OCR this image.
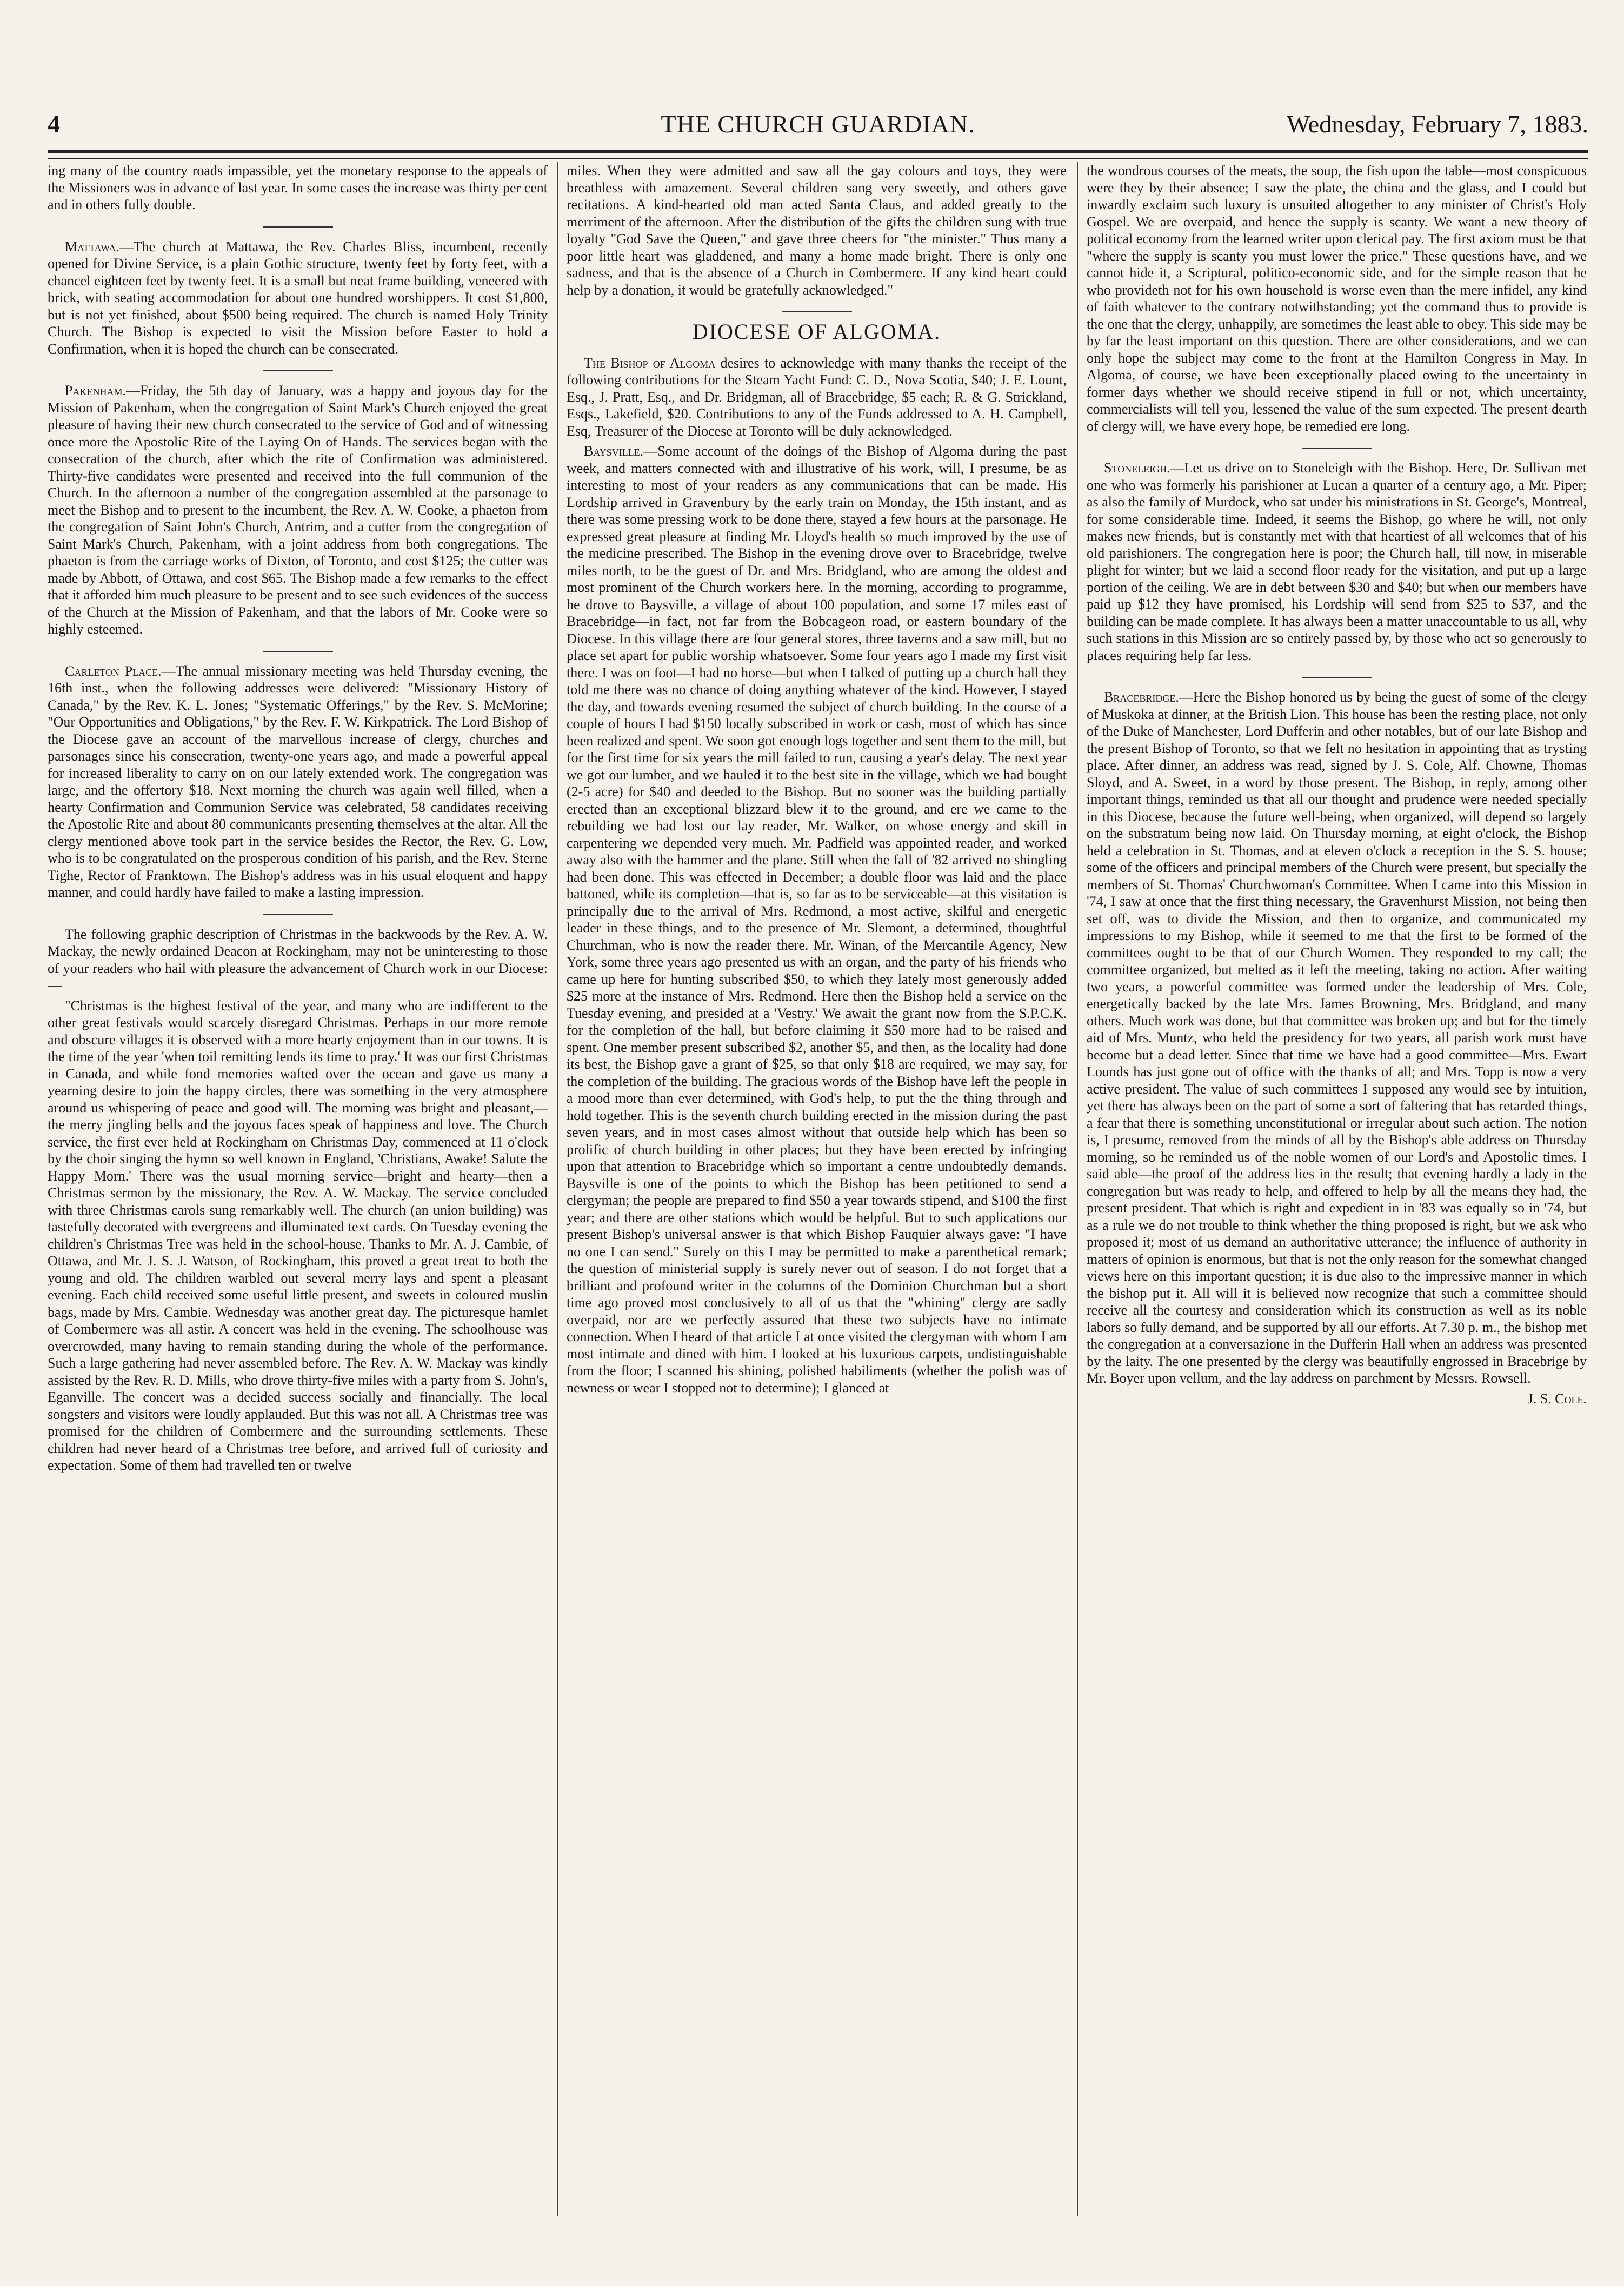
4	THE CHURCH GUARDIAN.	Wednesday, February 7, 1883.

ing many of the country roads impassible, yet the monetary response to the appeals of the Missioners was in advance of last year. In some cases the increase was thirty per cent and in others fully double.

Mattawa.—The church at Mattawa, the Rev. Charles Bliss, incumbent, recently opened for Divine Service, is a plain Gothic structure, twenty feet by forty feet, with a chancel eighteen feet by twenty feet. It is a small but neat frame building, veneered with brick, with seating accommodation for about one hundred worshippers. It cost $1,800, but is not yet finished, about $500 being required. The church is named Holy Trinity Church. The Bishop is expected to visit the Mission before Easter to hold a Confirmation, when it is hoped the church can be consecrated.

Pakenham.—Friday, the 5th day of January, was a happy and joyous day for the Mission of Pakenham, when the congregation of Saint Mark's Church enjoyed the great pleasure of having their new church consecrated to the service of God and of witnessing once more the Apostolic Rite of the Laying On of Hands. The services began with the consecration of the church, after which the rite of Confirmation was administered. Thirty-five candidates were presented and received into the full communion of the Church. In the afternoon a number of the congregation assembled at the parsonage to meet the Bishop and to present to the incumbent, the Rev. A. W. Cooke, a phaeton from the congregation of Saint John's Church, Antrim, and a cutter from the congregation of Saint Mark's Church, Pakenham, with a joint address from both congregations. The phaeton is from the carriage works of Dixton, of Toronto, and cost $125; the cutter was made by Abbott, of Ottawa, and cost $65. The Bishop made a few remarks to the effect that it afforded him much pleasure to be present and to see such evidences of the success of the Church at the Mission of Pakenham, and that the labors of Mr. Cooke were so highly esteemed.

Carleton Place.—The annual missionary meeting was held Thursday evening, the 16th inst., when the following addresses were delivered: "Missionary History of Canada," by the Rev. K. L. Jones; "Systematic Offerings," by the Rev. S. McMorine; "Our Opportunities and Obligations," by the Rev. F. W. Kirkpatrick. The Lord Bishop of the Diocese gave an account of the marvellous increase of clergy, churches and parsonages since his consecration, twenty-one years ago, and made a powerful appeal for increased liberality to carry on on our lately extended work. The congregation was large, and the offertory $18. Next morning the church was again well filled, when a hearty Confirmation and Communion Service was celebrated, 58 candidates receiving the Apostolic Rite and about 80 communicants presenting themselves at the altar. All the clergy mentioned above took part in the service besides the Rector, the Rev. G. Low, who is to be congratulated on the prosperous condition of his parish, and the Rev. Sterne Tighe, Rector of Franktown. The Bishop's address was in his usual eloquent and happy manner, and could hardly have failed to make a lasting impression.

The following graphic description of Christmas in the backwoods by the Rev. A. W. Mackay, the newly ordained Deacon at Rockingham, may not be uninteresting to those of your readers who hail with pleasure the advancement of Church work in our Diocese: —

"Christmas is the highest festival of the year, and many who are indifferent to the other great festivals would scarcely disregard Christmas. Perhaps in our more remote and obscure villages it is observed with a more hearty enjoyment than in our towns. It is the time of the year 'when toil remitting lends its time to pray.' It was our first Christmas in Canada, and while fond memories wafted over the ocean and gave us many a yearning desire to join the happy circles, there was something in the very atmosphere around us whispering of peace and good will. The morning was bright and pleasant,—the merry jingling bells and the joyous faces speak of happiness and love. The Church service, the first ever held at Rockingham on Christmas Day, commenced at 11 o'clock by the choir singing the hymn so well known in England, 'Christians, Awake! Salute the Happy Morn.' There was the usual morning service—bright and hearty—then a Christmas sermon by the missionary, the Rev. A. W. Mackay. The service concluded with three Christmas carols sung remarkably well. The church (an union building) was tastefully decorated with evergreens and illuminated text cards. On Tuesday evening the children's Christmas Tree was held in the school-house. Thanks to Mr. A. J. Cambie, of Ottawa, and Mr. J. S. J. Watson, of Rockingham, this proved a great treat to both the young and old. The children warbled out several merry lays and spent a pleasant evening. Each child received some useful little present, and sweets in coloured muslin bags, made by Mrs. Cambie. Wednesday was another great day. The picturesque hamlet of Combermere was all astir. A concert was held in the evening. The schoolhouse was overcrowded, many having to remain standing during the whole of the performance. Such a large gathering had never assembled before. The Rev. A. W. Mackay was kindly assisted by the Rev. R. D. Mills, who drove thirty-five miles with a party from S. John's, Eganville. The concert was a decided success socially and financially. The local songsters and visitors were loudly applauded. But this was not all. A Christmas tree was promised for the children of Combermere and the surrounding settlements. These children had never heard of a Christmas tree before, and arrived full of curiosity and expectation. Some of them had travelled ten or twelve

miles. When they were admitted and saw all the gay colours and toys, they were breathless with amazement. Several children sang very sweetly, and others gave recitations. A kind-hearted old man acted Santa Claus, and added greatly to the merriment of the afternoon. After the distribution of the gifts the children sung with true loyalty "God Save the Queen," and gave three cheers for "the minister." Thus many a poor little heart was gladdened, and many a home made bright. There is only one sadness, and that is the absence of a Church in Combermere. If any kind heart could help by a donation, it would be gratefully acknowledged."

DIOCESE OF ALGOMA.

The Bishop of Algoma desires to acknowledge with many thanks the receipt of the following contributions for the Steam Yacht Fund: C. D., Nova Scotia, $40; J. E. Lount, Esq., J. Pratt, Esq., and Dr. Bridgman, all of Bracebridge, $5 each; R. & G. Strickland, Esqs., Lakefield, $20. Contributions to any of the Funds addressed to A. H. Campbell, Esq, Treasurer of the Diocese at Toronto will be duly acknowledged.

Baysville.—Some account of the doings of the Bishop of Algoma during the past week, and matters connected with and illustrative of his work, will, I presume, be as interesting to most of your readers as any communications that can be made. His Lordship arrived in Gravenbury by the early train on Monday, the 15th instant, and as there was some pressing work to be done there, stayed a few hours at the parsonage. He expressed great pleasure at finding Mr. Lloyd's health so much improved by the use of the medicine prescribed. The Bishop in the evening drove over to Bracebridge, twelve miles north, to be the guest of Dr. and Mrs. Bridgland, who are among the oldest and most prominent of the Church workers here. In the morning, according to programme, he drove to Baysville, a village of about 100 population, and some 17 miles east of Bracebridge—in fact, not far from the Bobcageon road, or eastern boundary of the Diocese. In this village there are four general stores, three taverns and a saw mill, but no place set apart for public worship whatsoever. Some four years ago I made my first visit there. I was on foot—I had no horse—but when I talked of putting up a church hall they told me there was no chance of doing anything whatever of the kind. However, I stayed the day, and towards evening resumed the subject of church building. In the course of a couple of hours I had $150 locally subscribed in work or cash, most of which has since been realized and spent. We soon got enough logs together and sent them to the mill, but for the first time for six years the mill failed to run, causing a year's delay. The next year we got our lumber, and we hauled it to the best site in the village, which we had bought (2-5 acre) for $40 and deeded to the Bishop. But no sooner was the building partially erected than an exceptional blizzard blew it to the ground, and ere we came to the rebuilding we had lost our lay reader, Mr. Walker, on whose energy and skill in carpentering we depended very much. Mr. Padfield was appointed reader, and worked away also with the hammer and the plane. Still when the fall of '82 arrived no shingling had been done. This was effected in December; a double floor was laid and the place battoned, while its completion—that is, so far as to be serviceable—at this visitation is principally due to the arrival of Mrs. Redmond, a most active, skilful and energetic leader in these things, and to the presence of Mr. Slemont, a determined, thoughtful Churchman, who is now the reader there. Mr. Winan, of the Mercantile Agency, New York, some three years ago presented us with an organ, and the party of his friends who came up here for hunting subscribed $50, to which they lately most generously added $25 more at the instance of Mrs. Redmond. Here then the Bishop held a service on the Tuesday evening, and presided at a 'Vestry.' We await the grant now from the S.P.C.K. for the completion of the hall, but before claiming it $50 more had to be raised and spent. One member present subscribed $2, another $5, and then, as the locality had done its best, the Bishop gave a grant of $25, so that only $18 are required, we may say, for the completion of the building. The gracious words of the Bishop have left the people in a mood more than ever determined, with God's help, to put the the thing through and hold together. This is the seventh church building erected in the mission during the past seven years, and in most cases almost without that outside help which has been so prolific of church building in other places; but they have been erected by infringing upon that attention to Bracebridge which so important a centre undoubtedly demands. Baysville is one of the points to which the Bishop has been petitioned to send a clergyman; the people are prepared to find $50 a year towards stipend, and $100 the first year; and there are other stations which would be helpful. But to such applications our present Bishop's universal answer is that which Bishop Fauquier always gave: "I have no one I can send." Surely on this I may be permitted to make a parenthetical remark; the question of ministerial supply is surely never out of season. I do not forget that a brilliant and profound writer in the columns of the Dominion Churchman but a short time ago proved most conclusively to all of us that the "whining" clergy are sadly overpaid, nor are we perfectly assured that these two subjects have no intimate connection. When I heard of that article I at once visited the clergyman with whom I am most intimate and dined with him. I looked at his luxurious carpets, undistinguishable from the floor; I scanned his shining, polished habiliments (whether the polish was of newness or wear I stopped not to determine); I glanced at

the wondrous courses of the meats, the soup, the fish upon the table—most conspicuous were they by their absence; I saw the plate, the china and the glass, and I could but inwardly exclaim such luxury is unsuited altogether to any minister of Christ's Holy Gospel. We are overpaid, and hence the supply is scanty. We want a new theory of political economy from the learned writer upon clerical pay. The first axiom must be that "where the supply is scanty you must lower the price." These questions have, and we cannot hide it, a Scriptural, politico-economic side, and for the simple reason that he who provideth not for his own household is worse even than the mere infidel, any kind of faith whatever to the contrary notwithstanding; yet the command thus to provide is the one that the clergy, unhappily, are sometimes the least able to obey. This side may be by far the least important on this question. There are other considerations, and we can only hope the subject may come to the front at the Hamilton Congress in May. In Algoma, of course, we have been exceptionally placed owing to the uncertainty in former days whether we should receive stipend in full or not, which uncertainty, commercialists will tell you, lessened the value of the sum expected. The present dearth of clergy will, we have every hope, be remedied ere long.

Stoneleigh.—Let us drive on to Stoneleigh with the Bishop. Here, Dr. Sullivan met one who was formerly his parishioner at Lucan a quarter of a century ago, a Mr. Piper; as also the family of Murdock, who sat under his ministrations in St. George's, Montreal, for some considerable time. Indeed, it seems the Bishop, go where he will, not only makes new friends, but is constantly met with that heartiest of all welcomes that of his old parishioners. The congregation here is poor; the Church hall, till now, in miserable plight for winter; but we laid a second floor ready for the visitation, and put up a large portion of the ceiling. We are in debt between $30 and $40; but when our members have paid up $12 they have promised, his Lordship will send from $25 to $37, and the building can be made complete. It has always been a matter unaccountable to us all, why such stations in this Mission are so entirely passed by, by those who act so generously to places requiring help far less.

Bracebridge.—Here the Bishop honored us by being the guest of some of the clergy of Muskoka at dinner, at the British Lion. This house has been the resting place, not only of the Duke of Manchester, Lord Dufferin and other notables, but of our late Bishop and the present Bishop of Toronto, so that we felt no hesitation in appointing that as trysting place. After dinner, an address was read, signed by J. S. Cole, Alf. Chowne, Thomas Sloyd, and A. Sweet, in a word by those present. The Bishop, in reply, among other important things, reminded us that all our thought and prudence were needed specially in this Diocese, because the future well-being, when organized, will depend so largely on the substratum being now laid. On Thursday morning, at eight o'clock, the Bishop held a celebration in St. Thomas, and at eleven o'clock a reception in the S. S. house; some of the officers and principal members of the Church were present, but specially the members of St. Thomas' Churchwoman's Committee. When I came into this Mission in '74, I saw at once that the first thing necessary, the Gravenhurst Mission, not being then set off, was to divide the Mission, and then to organize, and communicated my impressions to my Bishop, while it seemed to me that the first to be formed of the committees ought to be that of our Church Women. They responded to my call; the committee organized, but melted as it left the meeting, taking no action. After waiting two years, a powerful committee was formed under the leadership of Mrs. Cole, energetically backed by the late Mrs. James Browning, Mrs. Bridgland, and many others. Much work was done, but that committee was broken up; and but for the timely aid of Mrs. Muntz, who held the presidency for two years, all parish work must have become but a dead letter. Since that time we have had a good committee—Mrs. Ewart Lounds has just gone out of office with the thanks of all; and Mrs. Topp is now a very active president. The value of such committees I supposed any would see by intuition, yet there has always been on the part of some a sort of faltering that has retarded things, a fear that there is something unconstitutional or irregular about such action. The notion is, I presume, removed from the minds of all by the Bishop's able address on Thursday morning, so he reminded us of the noble women of our Lord's and Apostolic times. I said able—the proof of the address lies in the result; that evening hardly a lady in the congregation but was ready to help, and offered to help by all the means they had, the present president. That which is right and expedient in in '83 was equally so in '74, but as a rule we do not trouble to think whether the thing proposed is right, but we ask who proposed it; most of us demand an authoritative utterance; the influence of authority in matters of opinion is enormous, but that is not the only reason for the somewhat changed views here on this important question; it is due also to the impressive manner in which the bishop put it. All will it is believed now recognize that such a committee should receive all the courtesy and consideration which its construction as well as its noble labors so fully demand, and be supported by all our efforts. At 7.30 p. m., the bishop met the congregation at a conversazione in the Dufferin Hall when an address was presented by the laity. The one presented by the clergy was beautifully engrossed in Bracebrige by Mr. Boyer upon vellum, and the lay address on parchment by Messrs. Rowsell.

J. S. Cole.
